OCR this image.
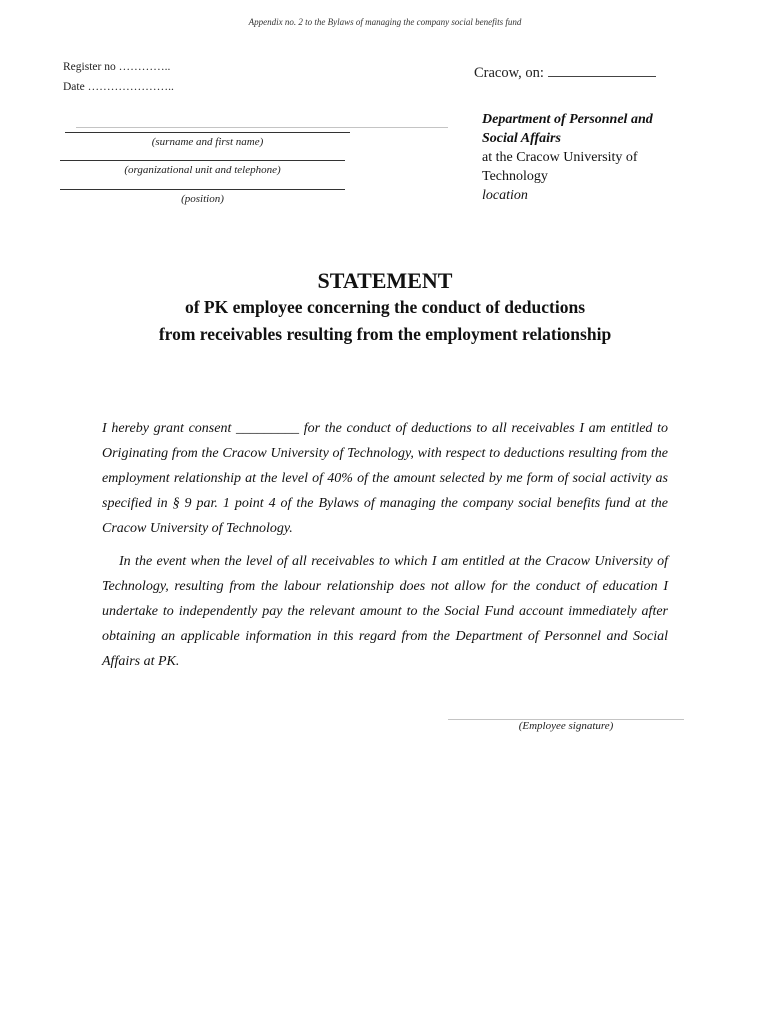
Appendix no. 2 to the Bylaws of managing the company social benefits fund
Register no …………..
Date …………………..
Cracow, on:
(surname and first name)
(organizational unit and telephone)
(position)
Department of Personnel and
Social Affairs
at the Cracow University of
Technology
location
STATEMENT
of PK employee concerning the conduct of deductions
from receivables resulting from the employment relationship
I hereby grant consent _________ for the conduct of deductions to all receivables I am entitled to Originating from the Cracow University of Technology, with respect to deductions resulting from the employment relationship at the level of 40% of the amount selected by me form of social activity as specified in § 9 par. 1 point 4 of the Bylaws of managing the company social benefits fund at the Cracow University of Technology.
In the event when the level of all receivables to which I am entitled at the Cracow University of Technology, resulting from the labour relationship does not allow for the conduct of education I undertake to independently pay the relevant amount to the Social Fund account immediately after obtaining an applicable information in this regard from the Department of Personnel and Social Affairs at PK.
(Employee signature)
